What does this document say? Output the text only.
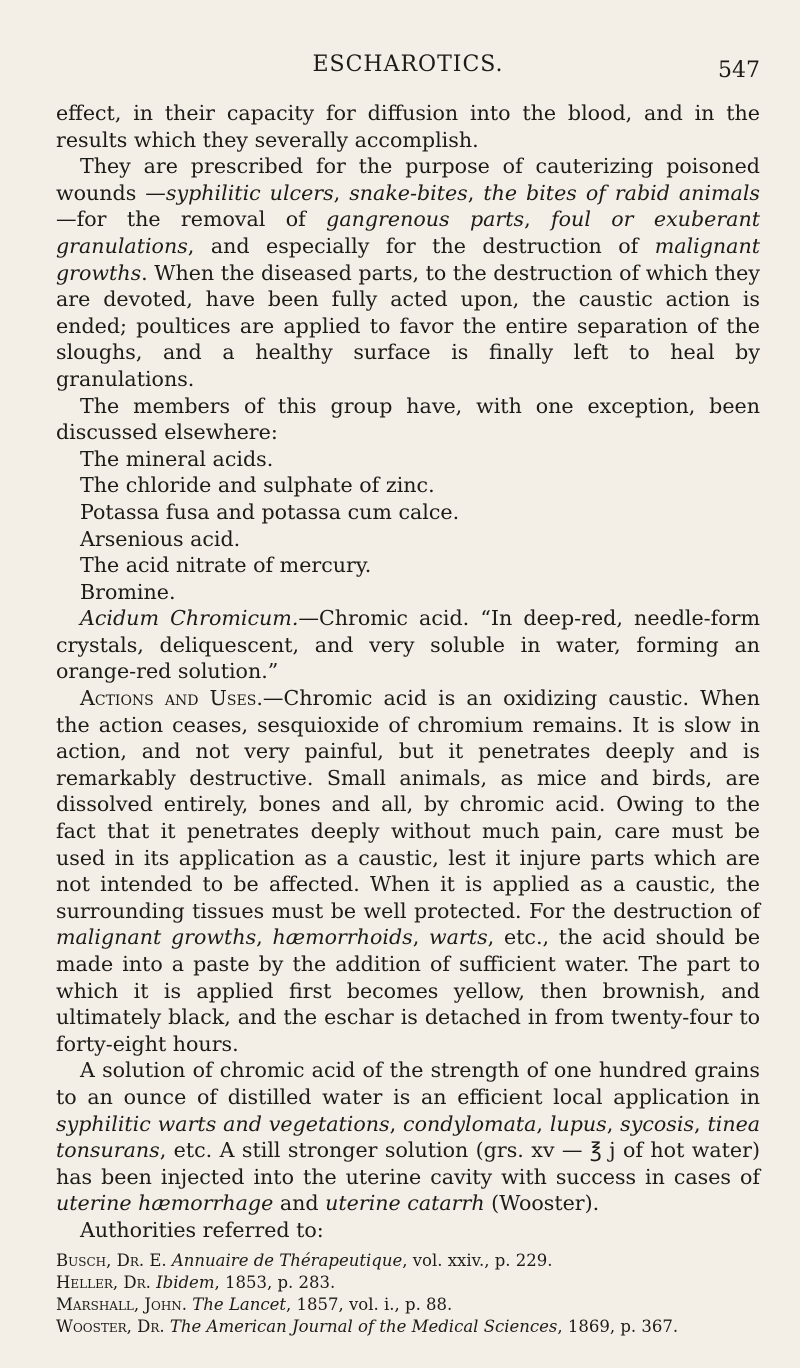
ESCHAROTICS.	547

effect, in their capacity for diffusion into the blood, and in the results which they severally accomplish.

They are prescribed for the purpose of cauterizing poisoned wounds —syphilitic ulcers, snake-bites, the bites of rabid animals—for the removal of gangrenous parts, foul or exuberant granulations, and especially for the destruction of malignant growths. When the diseased parts, to the destruction of which they are devoted, have been fully acted upon, the caustic action is ended; poultices are applied to favor the entire separation of the sloughs, and a healthy surface is finally left to heal by granulations.

The members of this group have, with one exception, been discussed elsewhere:

The mineral acids.

The chloride and sulphate of zinc.

Potassa fusa and potassa cum calce.

Arsenious acid.

The acid nitrate of mercury.

Bromine.

Acidum Chromicum.—Chromic acid. “In deep-red, needle-form crystals, deliquescent, and very soluble in water, forming an orange-red solution.”

Actions and Uses.—Chromic acid is an oxidizing caustic. When the action ceases, sesquioxide of chromium remains. It is slow in action, and not very painful, but it penetrates deeply and is remarkably destructive. Small animals, as mice and birds, are dissolved entirely, bones and all, by chromic acid. Owing to the fact that it penetrates deeply without much pain, care must be used in its application as a caustic, lest it injure parts which are not intended to be affected. When it is applied as a caustic, the surrounding tissues must be well protected. For the destruction of malignant growths, hæmorrhoids, warts, etc., the acid should be made into a paste by the addition of sufficient water. The part to which it is applied first becomes yellow, then brownish, and ultimately black, and the eschar is detached in from twenty-four to forty-eight hours.

A solution of chromic acid of the strength of one hundred grains to an ounce of distilled water is an efficient local application in syphilitic warts and vegetations, condylomata, lupus, sycosis, tinea tonsurans, etc. A still stronger solution (grs. xv — ℥ j of hot water) has been injected into the uterine cavity with success in cases of uterine hæmorrhage and uterine catarrh (Wooster).

Authorities referred to:

Busch, Dr. E. Annuaire de Thérapeutique, vol. xxiv., p. 229.
Heller, Dr. Ibidem, 1853, p. 283.
Marshall, John. The Lancet, 1857, vol. i., p. 88.
Wooster, Dr. The American Journal of the Medical Sciences, 1869, p. 367.
